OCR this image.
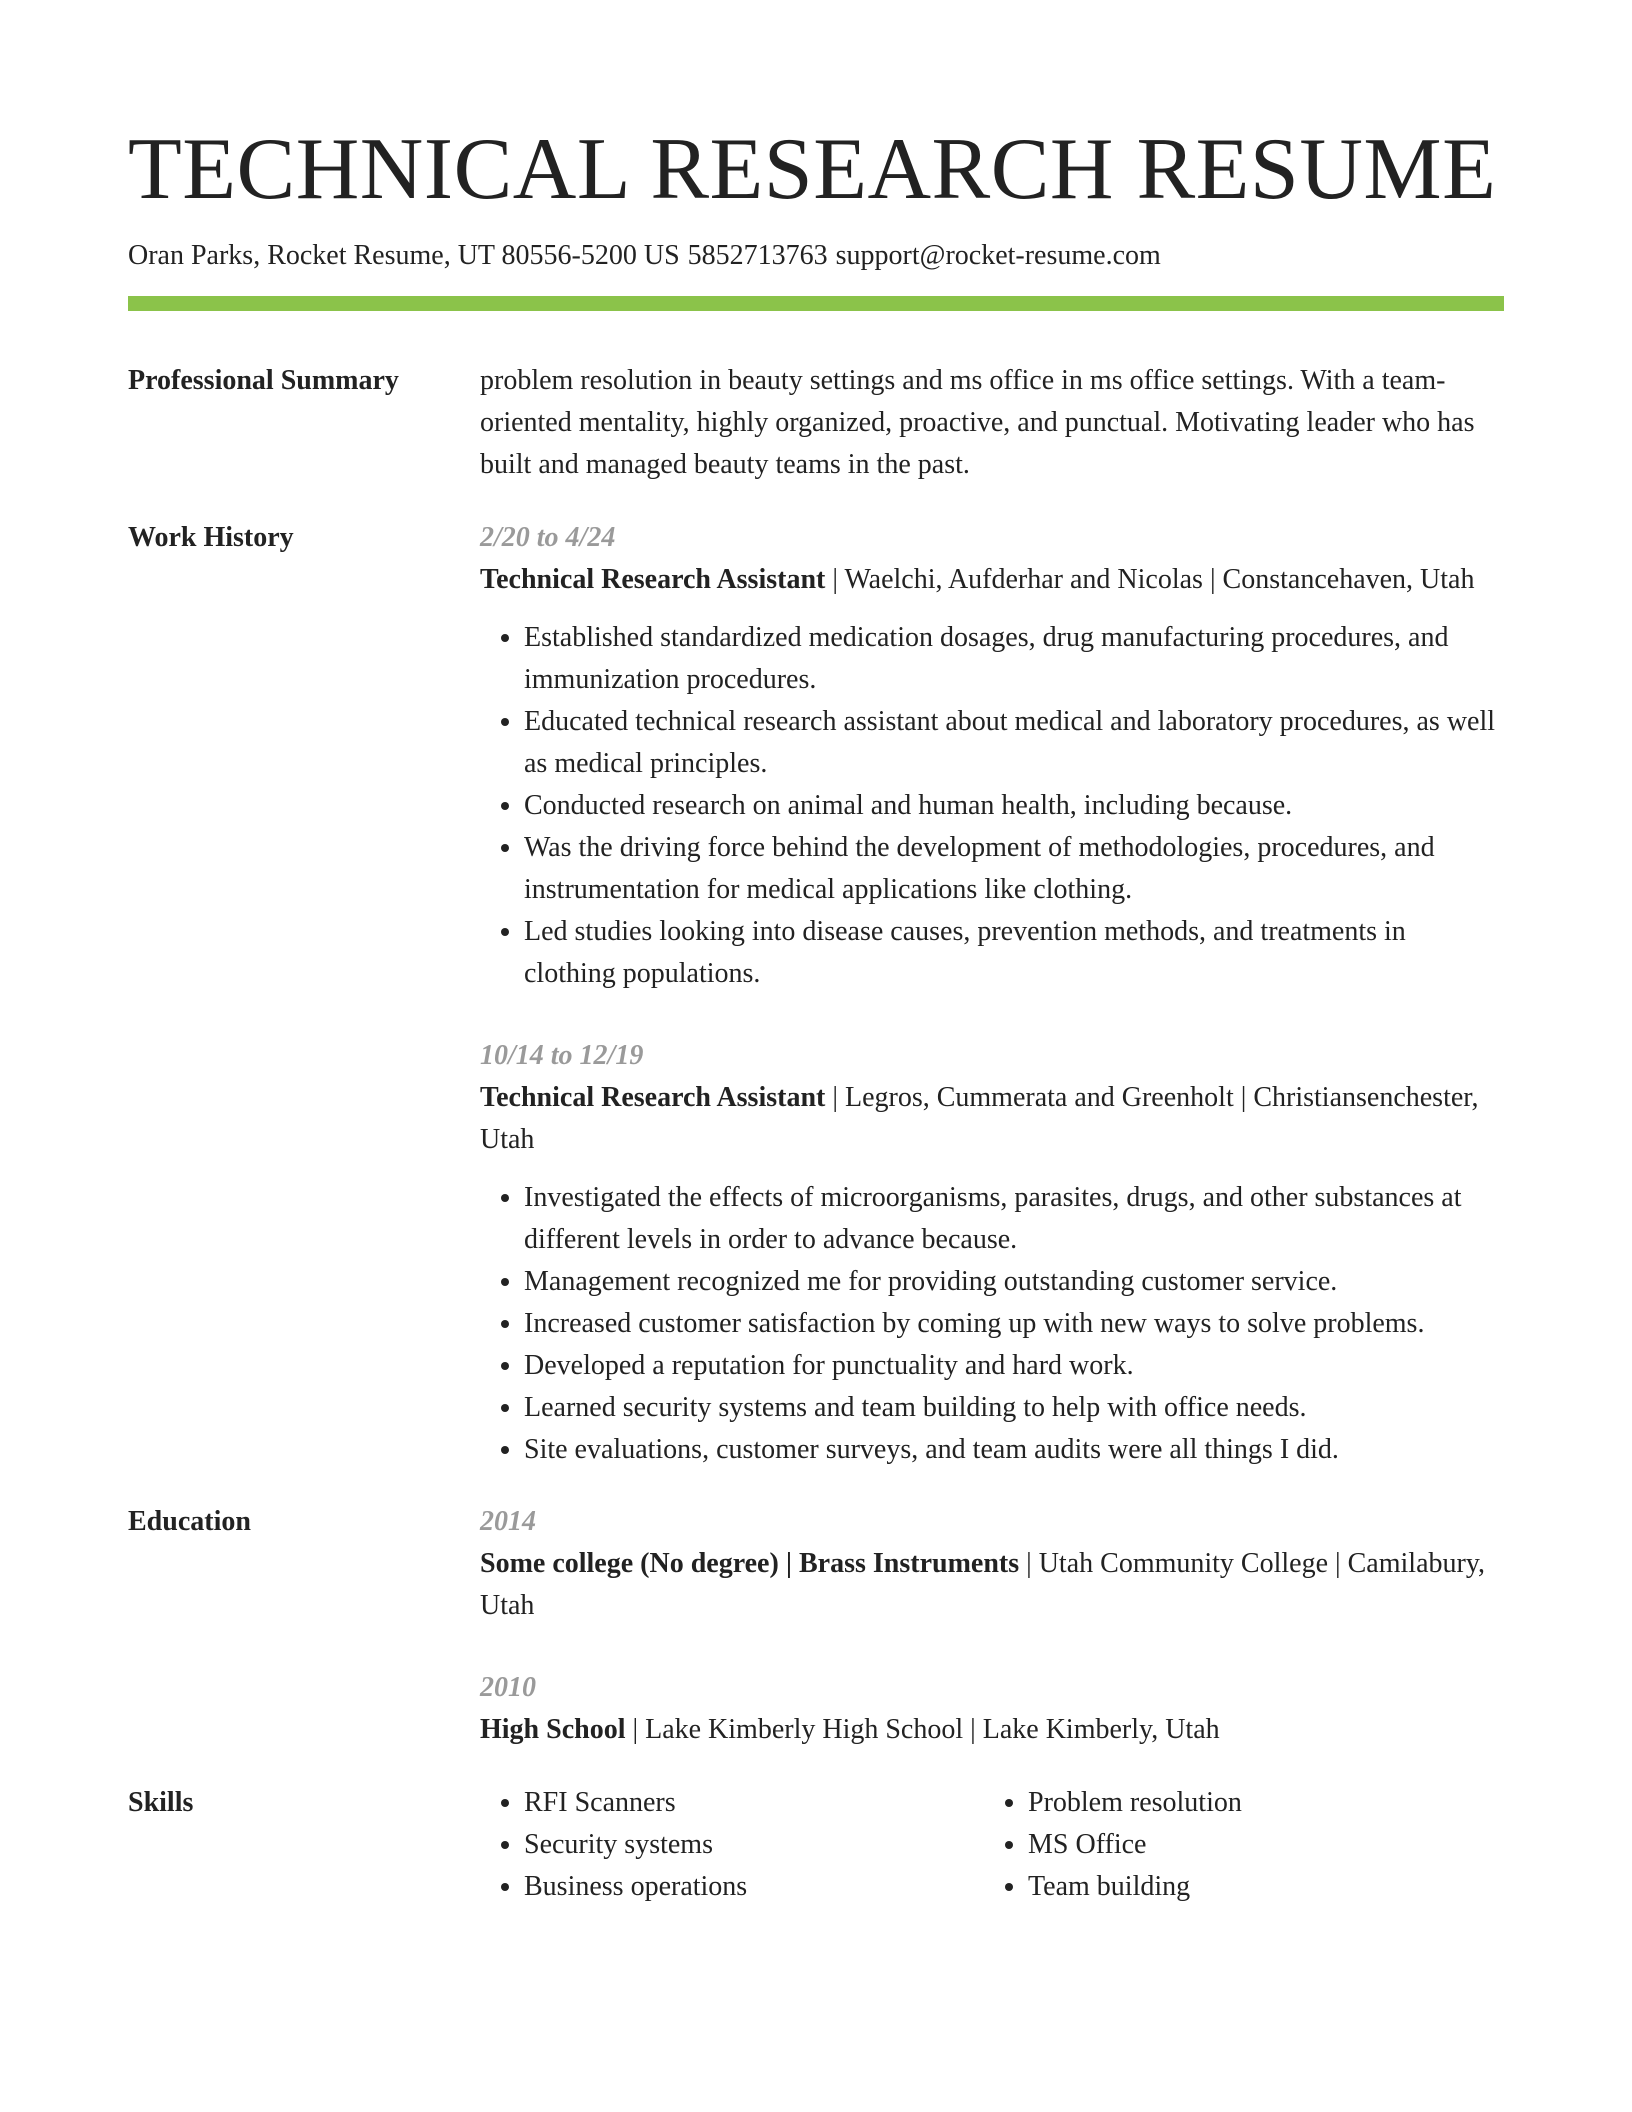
TECHNICAL RESEARCH RESUME
Oran Parks, Rocket Resume, UT 80556-5200 US 5852713763 support@rocket-resume.com
Professional Summary	problem resolution in beauty settings and ms office in ms office settings. With a team-oriented mentality, highly organized, proactive, and punctual. Motivating leader who has built and managed beauty teams in the past.
Work History	2/20 to 4/24
Technical Research Assistant | Waelchi, Aufderhar and Nicolas | Constancehaven, Utah
• Established standardized medication dosages, drug manufacturing procedures, and immunization procedures.
• Educated technical research assistant about medical and laboratory procedures, as well as medical principles.
• Conducted research on animal and human health, including because.
• Was the driving force behind the development of methodologies, procedures, and instrumentation for medical applications like clothing.
• Led studies looking into disease causes, prevention methods, and treatments in clothing populations.
10/14 to 12/19
Technical Research Assistant | Legros, Cummerata and Greenholt | Christiansenchester, Utah
• Investigated the effects of microorganisms, parasites, drugs, and other substances at different levels in order to advance because.
• Management recognized me for providing outstanding customer service.
• Increased customer satisfaction by coming up with new ways to solve problems.
• Developed a reputation for punctuality and hard work.
• Learned security systems and team building to help with office needs.
• Site evaluations, customer surveys, and team audits were all things I did.
Education	2014
Some college (No degree) | Brass Instruments | Utah Community College | Camilabury, Utah
2010
High School | Lake Kimberly High School | Lake Kimberly, Utah
Skills
•	RFI Scanners
• Security systems
• Business operations
• Problem resolution
• MS Office
• Team building
